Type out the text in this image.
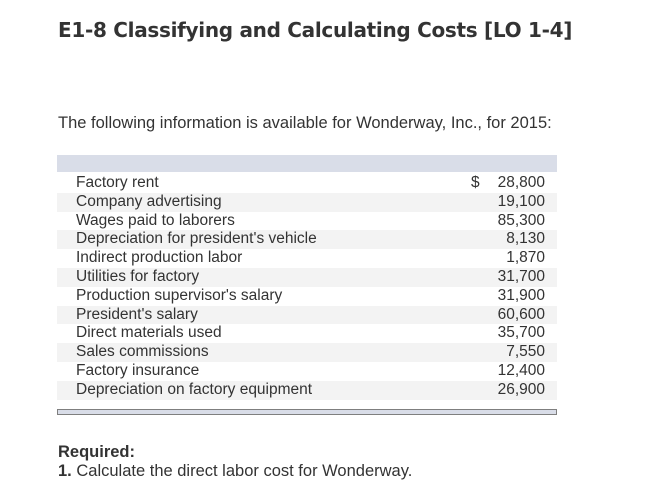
E1-8 Classifying and Calculating Costs [LO 1-4]

The following information is available for Wonderway, Inc., for 2015:

Factory rent	$ 28,800
Company advertising	19,100
Wages paid to laborers	85,300
Depreciation for president's vehicle	8,130
Indirect production labor	1,870
Utilities for factory	31,700
Production supervisor's salary	31,900
President's salary	60,600
Direct materials used	35,700
Sales commissions	7,550
Factory insurance	12,400
Depreciation on factory equipment	26,900

Required:

1. Calculate the direct labor cost for Wonderway.
